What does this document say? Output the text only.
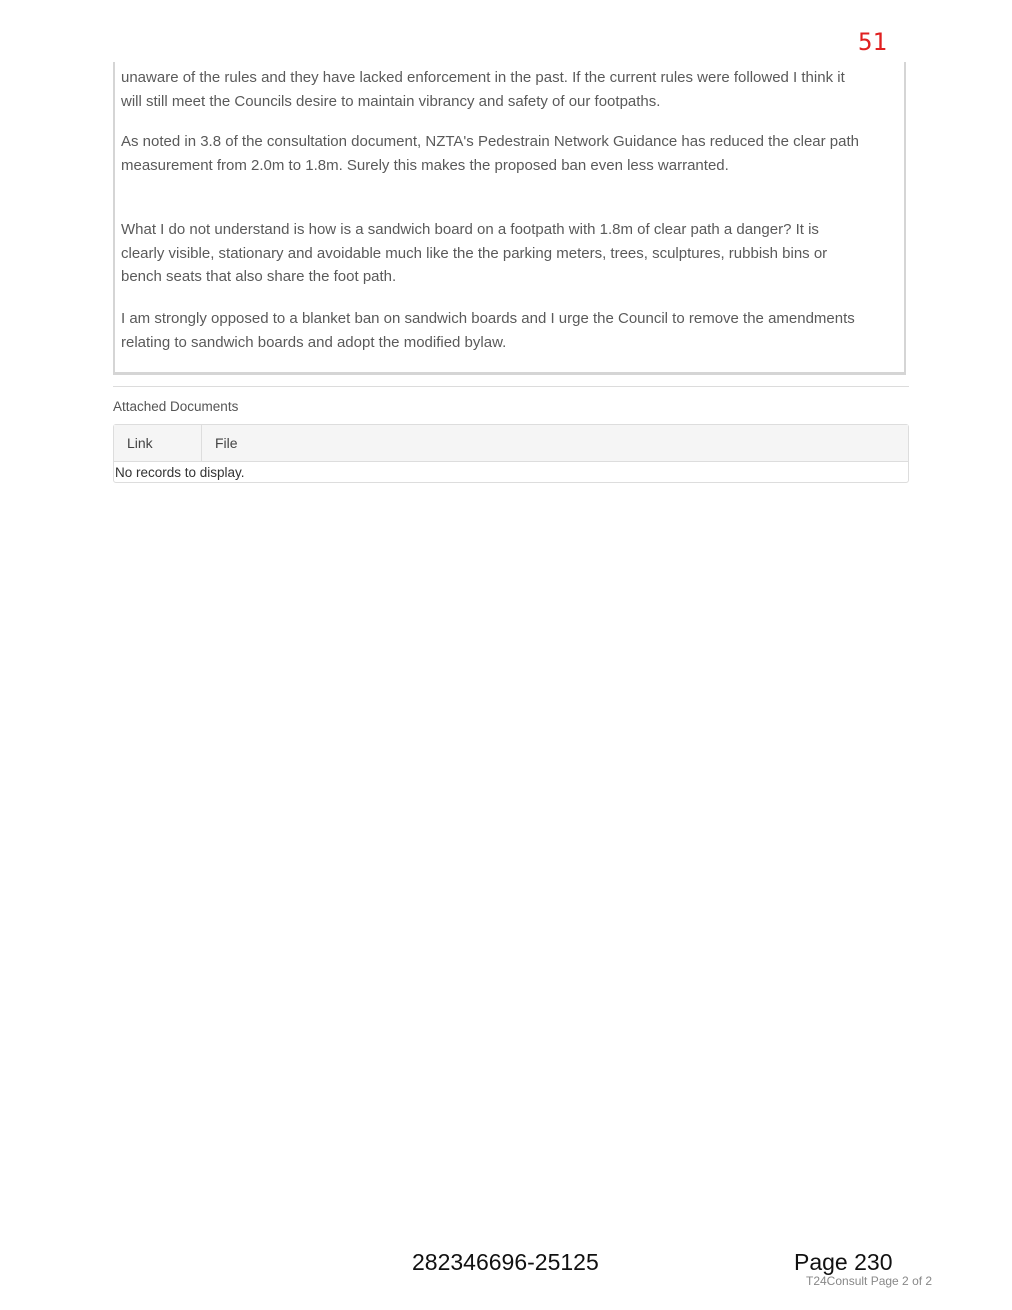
51

unaware of the rules and they have lacked enforcement in the past. If the current rules were followed I think it will still meet the Councils desire to maintain vibrancy and safety of our footpaths.

As noted in 3.8 of the consultation document, NZTA's Pedestrain Network Guidance has reduced the clear path measurement from 2.0m to 1.8m. Surely this makes the proposed ban even less warranted.

What I do not understand is how is a sandwich board on a footpath with 1.8m of clear path a danger? It is clearly visible, stationary and avoidable much like the the parking meters, trees, sculptures, rubbish bins or bench seats that also share the foot path.

I am strongly opposed to a blanket ban on sandwich boards and I urge the Council to remove the amendments relating to sandwich boards and adopt the modified bylaw.

Attached Documents
Link	File
No records to display.
282346696-25125	Page 230
T24Consult Page 2 of 2
